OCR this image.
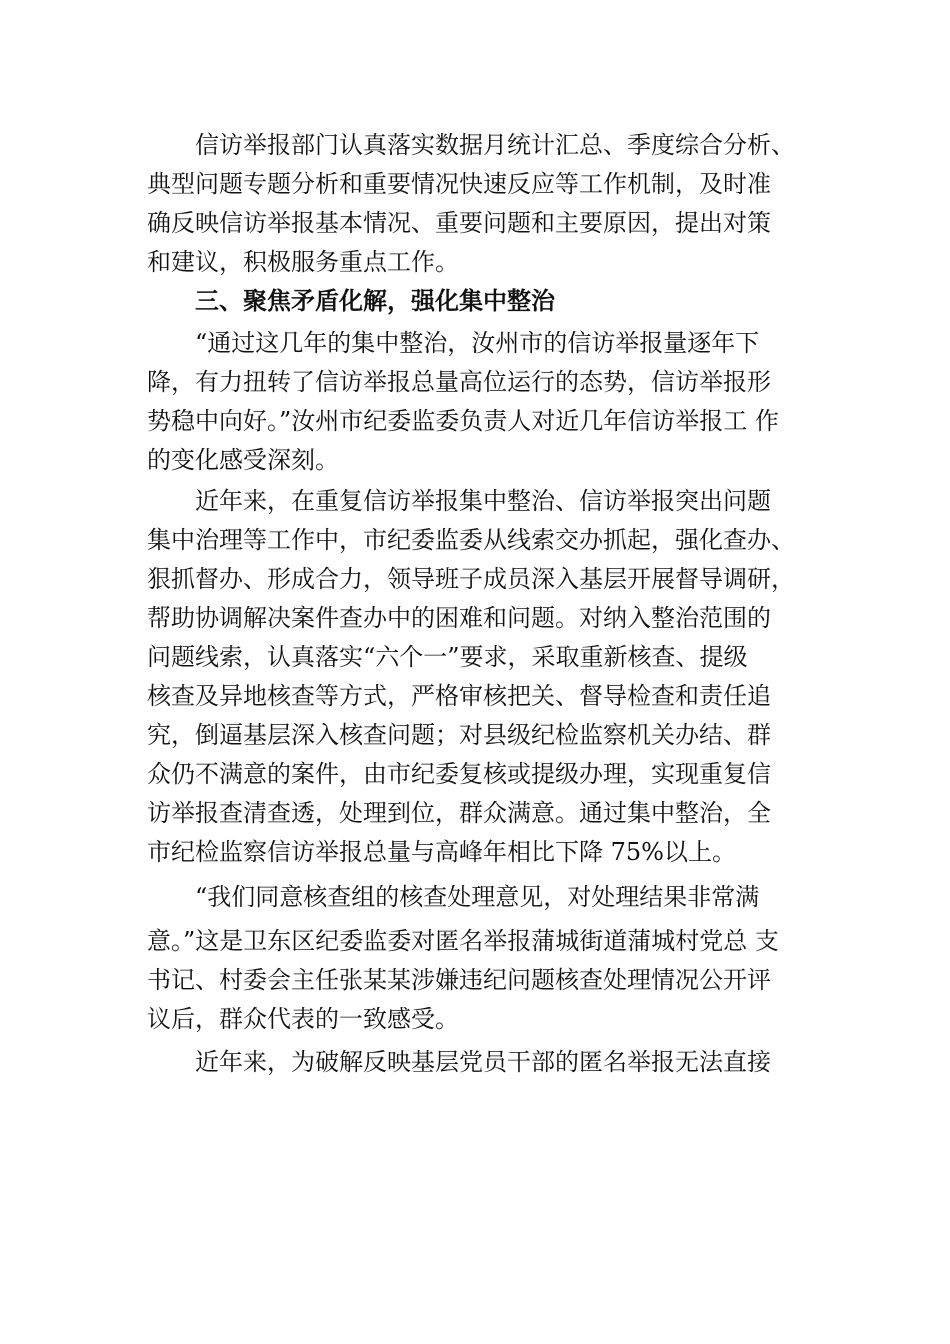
信访举报部门认真落实数据月统计汇总、季度综合分析、
典型问题专题分析和重要情况快速反应等工作机制，及时准
确反映信访举报基本情况、重要问题和主要原因，提出对策
和建议，积极服务重点工作。
三、聚焦矛盾化解，强化集中整治
“通过这几年的集中整治，汝州市的信访举报量逐年下
降，有力扭转了信访举报总量高位运行的态势，信访举报形
势稳中向好。”汝州市纪委监委负责人对近几年信访举报工 作
的变化感受深刻。
近年来，在重复信访举报集中整治、信访举报突出问题
集中治理等工作中，市纪委监委从线索交办抓起，强化查办、
狠抓督办、形成合力，领导班子成员深入基层开展督导调研，
帮助协调解决案件查办中的困难和问题。对纳入整治范围的
问题线索，认真落实“六个一”要求，采取重新核查、提级
核查及异地核查等方式，严格审核把关、督导检查和责任追
究，倒逼基层深入核查问题；对县级纪检监察机关办结、群
众仍不满意的案件，由市纪委复核或提级办理，实现重复信
访举报查清查透，处理到位，群众满意。通过集中整治，全
市纪检监察信访举报总量与高峰年相比下降 75%以上。
“我们同意核查组的核查处理意见，对处理结果非常满
意。”这是卫东区纪委监委对匿名举报蒲城街道蒲城村党总 支
书记、村委会主任张某某涉嫌违纪问题核查处理情况公开评
议后，群众代表的一致感受。
近年来，为破解反映基层党员干部的匿名举报无法直接
